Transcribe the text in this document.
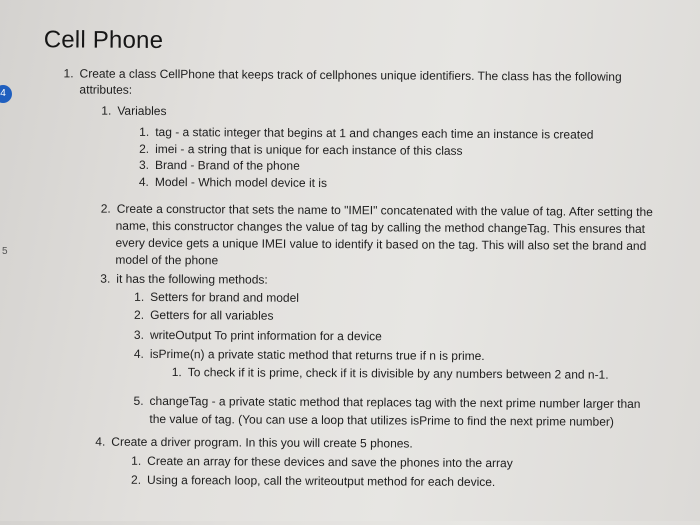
Cell Phone
1. Create a class CellPhone that keeps track of cellphones unique identifiers. The class has the following
attributes:
1. Variables
1. tag - a static integer that begins at 1 and changes each time an instance is created
2. imei - a string that is unique for each instance of this class
3. Brand - Brand of the phone
4. Model - Which model device it is
2. Create a constructor that sets the name to "IMEI" concatenated with the value of tag. After setting the
name, this constructor changes the value of tag by calling the method changeTag. This ensures that
every device gets a unique IMEI value to identify it based on the tag. This will also set the brand and
model of the phone
3. it has the following methods:
1. Setters for brand and model
2. Getters for all variables
3. writeOutput To print information for a device
4. isPrime(n) a private static method that returns true if n is prime.
1. To check if it is prime, check if it is divisible by any numbers between 2 and n-1.
5. changeTag - a private static method that replaces tag with the next prime number larger than
the value of tag. (You can use a loop that utilizes isPrime to find the next prime number)
4. Create a driver program. In this you will create 5 phones.
1. Create an array for these devices and save the phones into the array
2. Using a foreach loop, call the writeoutput method for each device.
4
5
